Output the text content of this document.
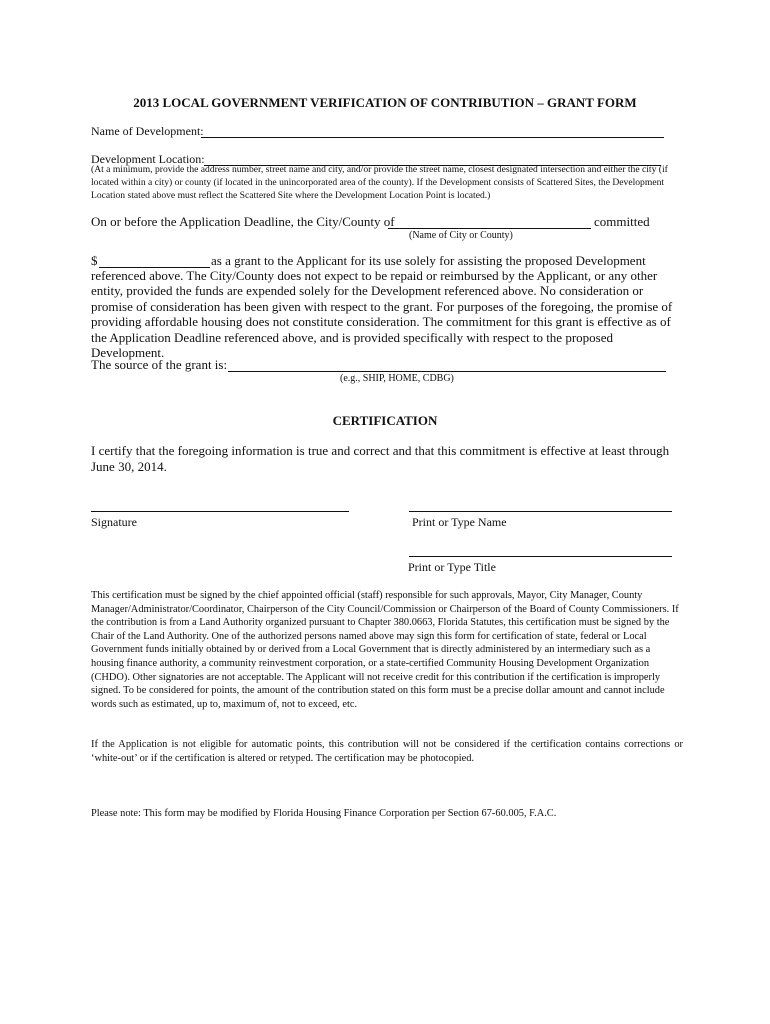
2013 LOCAL GOVERNMENT VERIFICATION OF CONTRIBUTION – GRANT FORM
Name of Development:
Development Location:
(At a minimum, provide the address number, street name and city, and/or provide the street name, closest designated intersection and either the city (if located within a city) or county (if located in the unincorporated area of the county). If the Development consists of Scattered Sites, the Development Location stated above must reflect the Scattered Site where the Development Location Point is located.)
On or before the Application Deadline, the City/County of	committed
(Name of City or County)
$	as a grant to the Applicant for its use solely for assisting the proposed Development
referenced above. The City/County does not expect to be repaid or reimbursed by the Applicant, or any other entity, provided the funds are expended solely for the Development referenced above. No consideration or promise of consideration has been given with respect to the grant. For purposes of the foregoing, the promise of providing affordable housing does not constitute consideration. The commitment for this grant is effective as of the Application Deadline referenced above, and is provided specifically with respect to the proposed Development.
The source of the grant is:
(e.g., SHIP, HOME, CDBG)
CERTIFICATION
I certify that the foregoing information is true and correct and that this commitment is effective at least through June 30, 2014.
Signature	Print or Type Name
Print or Type Title
This certification must be signed by the chief appointed official (staff) responsible for such approvals, Mayor, City Manager, County Manager/Administrator/Coordinator, Chairperson of the City Council/Commission or Chairperson of the Board of County Commissioners. If the contribution is from a Land Authority organized pursuant to Chapter 380.0663, Florida Statutes, this certification must be signed by the Chair of the Land Authority. One of the authorized persons named above may sign this form for certification of state, federal or Local Government funds initially obtained by or derived from a Local Government that is directly administered by an intermediary such as a housing finance authority, a community reinvestment corporation, or a state-certified Community Housing Development Organization (CHDO). Other signatories are not acceptable. The Applicant will not receive credit for this contribution if the certification is improperly signed. To be considered for points, the amount of the contribution stated on this form must be a precise dollar amount and cannot include words such as estimated, up to, maximum of, not to exceed, etc.
If the Application is not eligible for automatic points, this contribution will not be considered if the certification contains corrections or ‘white-out’ or if the certification is altered or retyped. The certification may be photocopied.
Please note: This form may be modified by Florida Housing Finance Corporation per Section 67-60.005, F.A.C.
